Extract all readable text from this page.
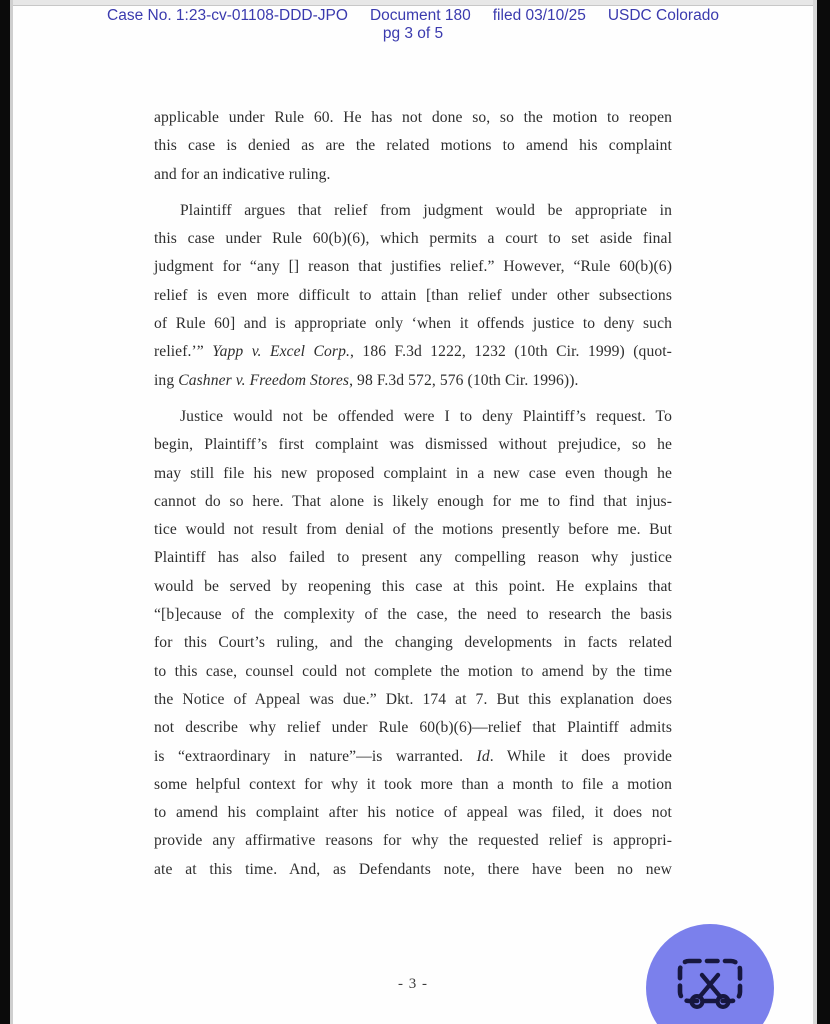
Case No. 1:23-cv-01108-DDD-JPO Document 180 filed 03/10/25 USDC Colorado
pg 3 of 5
applicable under Rule 60. He has not done so, so the motion to reopen
this case is denied as are the related motions to amend his complaint
and for an indicative ruling.
Plaintiff argues that relief from judgment would be appropriate in
this case under Rule 60(b)(6), which permits a court to set aside final
judgment for “any [] reason that justifies relief.” However, “Rule 60(b)(6)
relief is even more difficult to attain [than relief under other subsections
of Rule 60] and is appropriate only ‘when it offends justice to deny such
relief.’” Yapp v. Excel Corp., 186 F.3d 1222, 1232 (10th Cir. 1999) (quot-
ing Cashner v. Freedom Stores, 98 F.3d 572, 576 (10th Cir. 1996)).
Justice would not be offended were I to deny Plaintiff’s request. To
begin, Plaintiff’s first complaint was dismissed without prejudice, so he
may still file his new proposed complaint in a new case even though he
cannot do so here. That alone is likely enough for me to find that injus-
tice would not result from denial of the motions presently before me. But
Plaintiff has also failed to present any compelling reason why justice
would be served by reopening this case at this point. He explains that
“[b]ecause of the complexity of the case, the need to research the basis
for this Court’s ruling, and the changing developments in facts related
to this case, counsel could not complete the motion to amend by the time
the Notice of Appeal was due.” Dkt. 174 at 7. But this explanation does
not describe why relief under Rule 60(b)(6)—relief that Plaintiff admits
is “extraordinary in nature”—is warranted. Id. While it does provide
some helpful context for why it took more than a month to file a motion
to amend his complaint after his notice of appeal was filed, it does not
provide any affirmative reasons for why the requested relief is appropri-
ate at this time. And, as Defendants note, there have been no new
- 3 -
